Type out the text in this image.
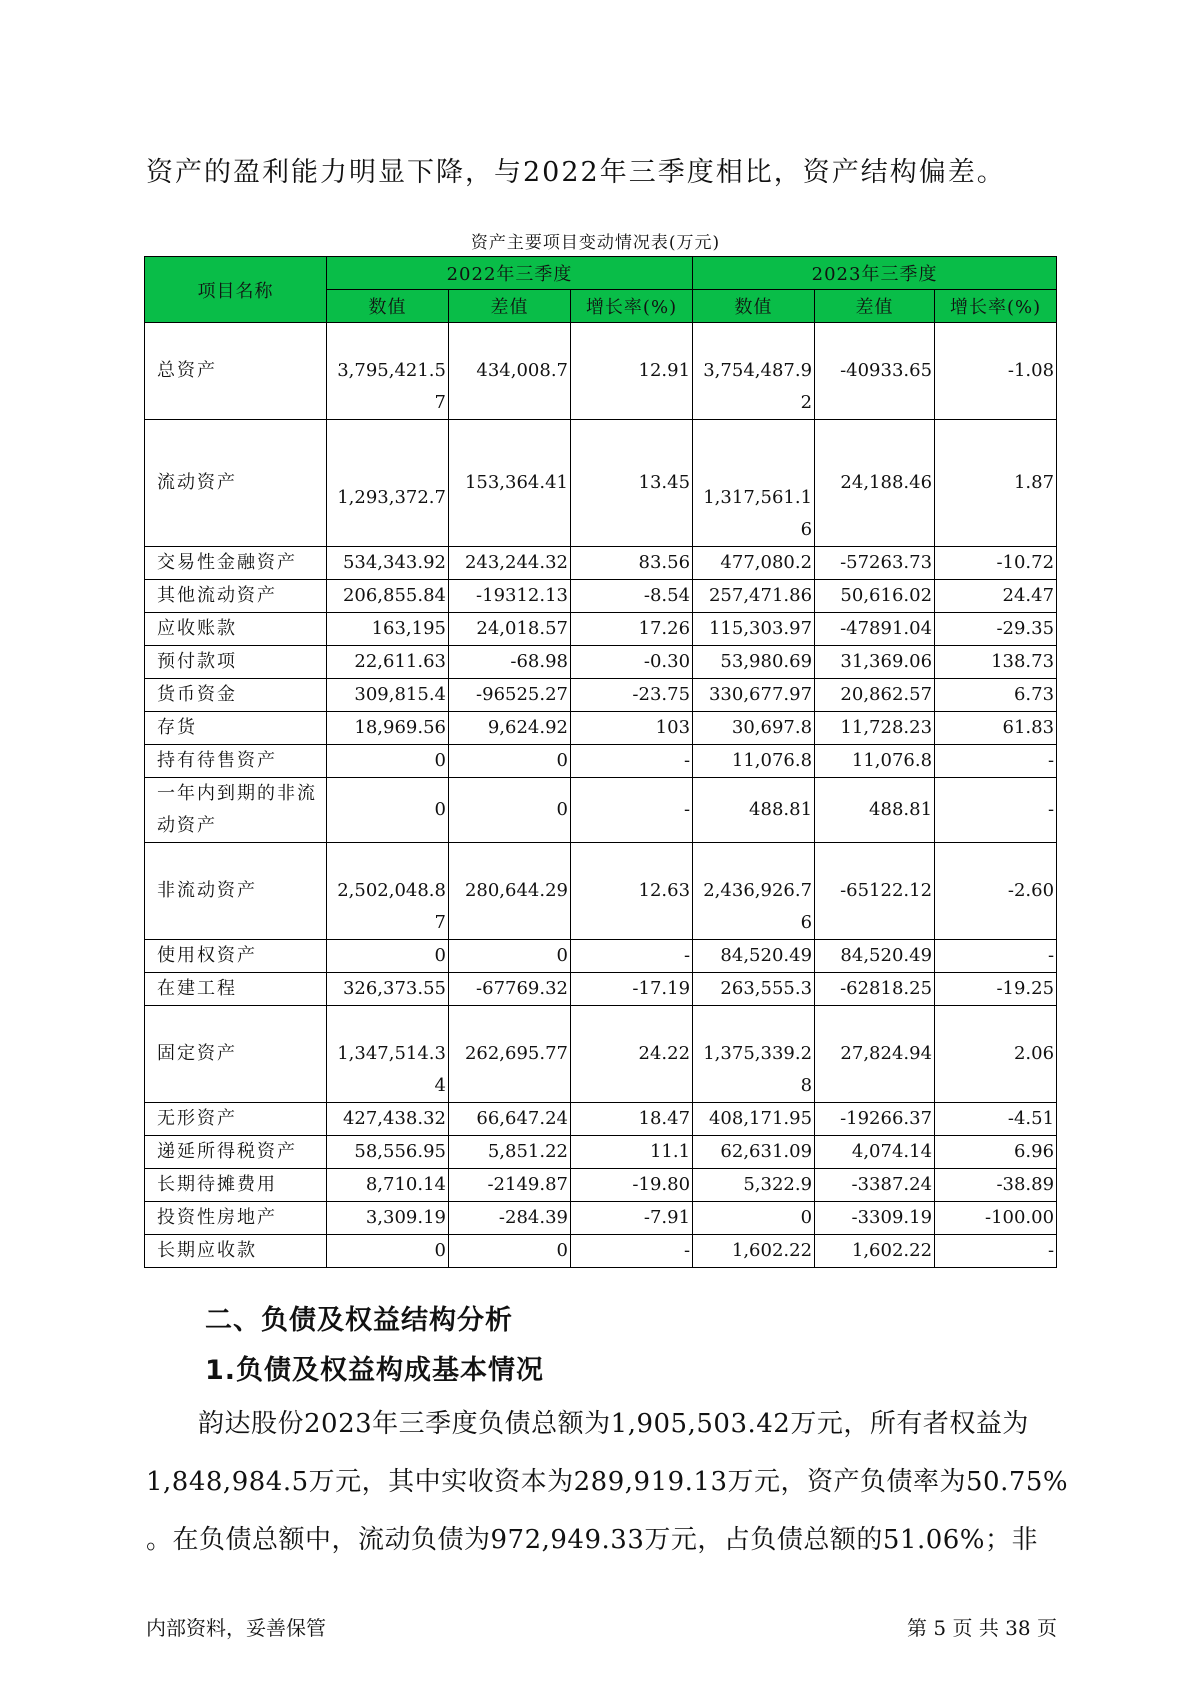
资产的盈利能力明显下降，与2022年三季度相比，资产结构偏差。

资产主要项目变动情况表(万元)

项目名称	2022年三季度			2023年三季度		
	数值	差值	增长率(%)	数值	差值	增长率(%)
总资产	3,795,421.57	434,008.7	12.91	3,754,487.92	-40933.65	-1.08
流动资产	1,293,372.7	153,364.41	13.45	1,317,561.16	24,188.46	1.87
交易性金融资产	534,343.92	243,244.32	83.56	477,080.2	-57263.73	-10.72
其他流动资产	206,855.84	-19312.13	-8.54	257,471.86	50,616.02	24.47
应收账款	163,195	24,018.57	17.26	115,303.97	-47891.04	-29.35
预付款项	22,611.63	-68.98	-0.30	53,980.69	31,369.06	138.73
货币资金	309,815.4	-96525.27	-23.75	330,677.97	20,862.57	6.73
存货	18,969.56	9,624.92	103	30,697.8	11,728.23	61.83
持有待售资产	0	0	-	11,076.8	11,076.8	-
一年内到期的非流动资产	0	0	-	488.81	488.81	-
非流动资产	2,502,048.87	280,644.29	12.63	2,436,926.76	-65122.12	-2.60
使用权资产	0	0	-	84,520.49	84,520.49	-
在建工程	326,373.55	-67769.32	-17.19	263,555.3	-62818.25	-19.25
固定资产	1,347,514.34	262,695.77	24.22	1,375,339.28	27,824.94	2.06
无形资产	427,438.32	66,647.24	18.47	408,171.95	-19266.37	-4.51
递延所得税资产	58,556.95	5,851.22	11.1	62,631.09	4,074.14	6.96
长期待摊费用	8,710.14	-2149.87	-19.80	5,322.9	-3387.24	-38.89
投资性房地产	3,309.19	-284.39	-7.91	0	-3309.19	-100.00
长期应收款	0	0	-	1,602.22	1,602.22	-
二、负债及权益结构分析
1.负债及权益构成基本情况
韵达股份2023年三季度负债总额为1,905,503.42万元，所有者权益为
1,848,984.5万元，其中实收资本为289,919.13万元，资产负债率为50.75%
。在负债总额中，流动负债为972,949.33万元，占负债总额的51.06%；非

内部资料，妥善保管	第 5 页 共 38 页
